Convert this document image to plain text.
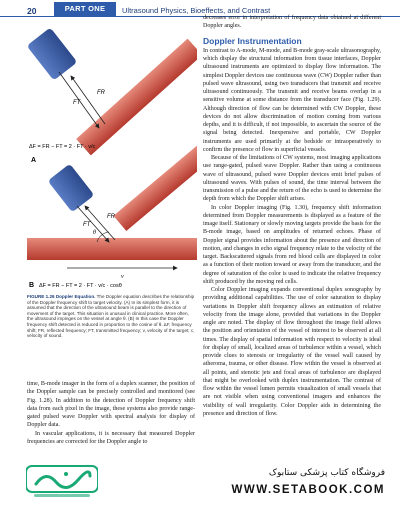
20	PART ONE	Ultrasound Physics, Bioeffects, and Contrast
FT
FR
ΔF = FR − FT = 2 · FT · v/c
A
θ
FT
FR
v
B ΔF = FR − FT = 2 · FT · v/c · cosθ
FIGURE 1.26 Doppler Equation. The Doppler equation describes the relationship of the Doppler frequency shift to target velocity. (A) In its simplest form, it is assumed that the direction of the ultrasound beam is parallel to the direction of movement of the target. This situation is unusual in clinical practice. More often, the ultrasound impinges on the vessel at angle θ. (B) In this case the Doppler frequency shift detected is reduced in proportion to the cosine of θ. ΔF, frequency shift; FR, reflected frequency; FT, transmitted frequency; v, velocity of the target; c, velocity of sound.

time, B-mode imager in the form of a duplex scanner, the position of the Doppler sample can be precisely controlled and monitored (see Fig. 1.28). In addition to the detection of Doppler frequency shift data from each pixel in the image, these systems also provide range-gated pulsed wave Doppler with spectral analysis for display of Doppler data.

In vascular applications, it is necessary that measured Doppler frequencies are corrected for the Doppler angle to

decreases error in interpretation of frequency data obtained at different Doppler angles.

Doppler Instrumentation

In contrast to A-mode, M-mode, and B-mode gray-scale ultrasonography, which display the structural information from tissue interfaces, Doppler ultrasound instruments are optimized to display flow information. The simplest Doppler devices use continuous wave (CW) Doppler rather than pulsed wave ultrasound, using two transducers that transmit and receive ultrasound continuously. The transmit and receive beams overlap in a sensitive volume at some distance from the transducer face (Fig. 1.29). Although direction of flow can be determined with CW Doppler, these devices do not allow discrimination of motion coming from various depths, and it is difficult, if not impossible, to ascertain the source of the signal being detected. Inexpensive and portable, CW Doppler instruments are used primarily at the bedside or intraoperatively to confirm the presence of flow in superficial vessels.

Because of the limitations of CW systems, most imaging applications use range-gated, pulsed wave Doppler. Rather than using a continuous wave of ultrasound, pulsed wave Doppler devices emit brief pulses of ultrasound waves. With pulses of sound, the time interval between the transmission of a pulse and the return of the echo is used to determine the depth from which the Doppler shift arises.

In color Doppler imaging (Fig. 1.30), frequency shift information determined from Doppler measurements is displayed as a feature of the image itself. Stationary or slowly moving targets provide the basis for the B-mode image, based on amplitudes of returned echoes. Phase of Doppler signal provides information about the presence and direction of motion, and changes in echo signal frequency relate to the velocity of the target. Backscattered signals from red blood cells are displayed in color as a function of their motion toward or away from the transducer, and the degree of saturation of the color is used to indicate the relative frequency shift produced by the moving red cells.

Color Doppler imaging expands conventional duplex sonography by providing additional capabilities. The use of color saturation to display variations in Doppler shift frequency allows an estimation of relative velocity from the image alone, provided that variations in the Doppler angle are noted. The display of flow throughout the image field allows the position and orientation of the vessel of interest to be observed at all times. The display of spatial information with respect to velocity is ideal for display of small, localized areas of turbulence within a vessel, which provide clues to stenosis or irregularity of the vessel wall caused by atheroma, trauma, or other disease. Flow within the vessel is observed at all points, and stenotic jets and focal areas of turbulence are displayed that might be overlooked with duplex instrumentation. The contrast of flow within the vessel lumen permits visualization of small vessels that are not visible when using conventional imagers and enhances the visibility of wall irregularity. Color Doppler aids in determining the presence and direction of flow.

فروشگاه کتاب پزشکی ستابوک
WWW.SETABOOK.COM
